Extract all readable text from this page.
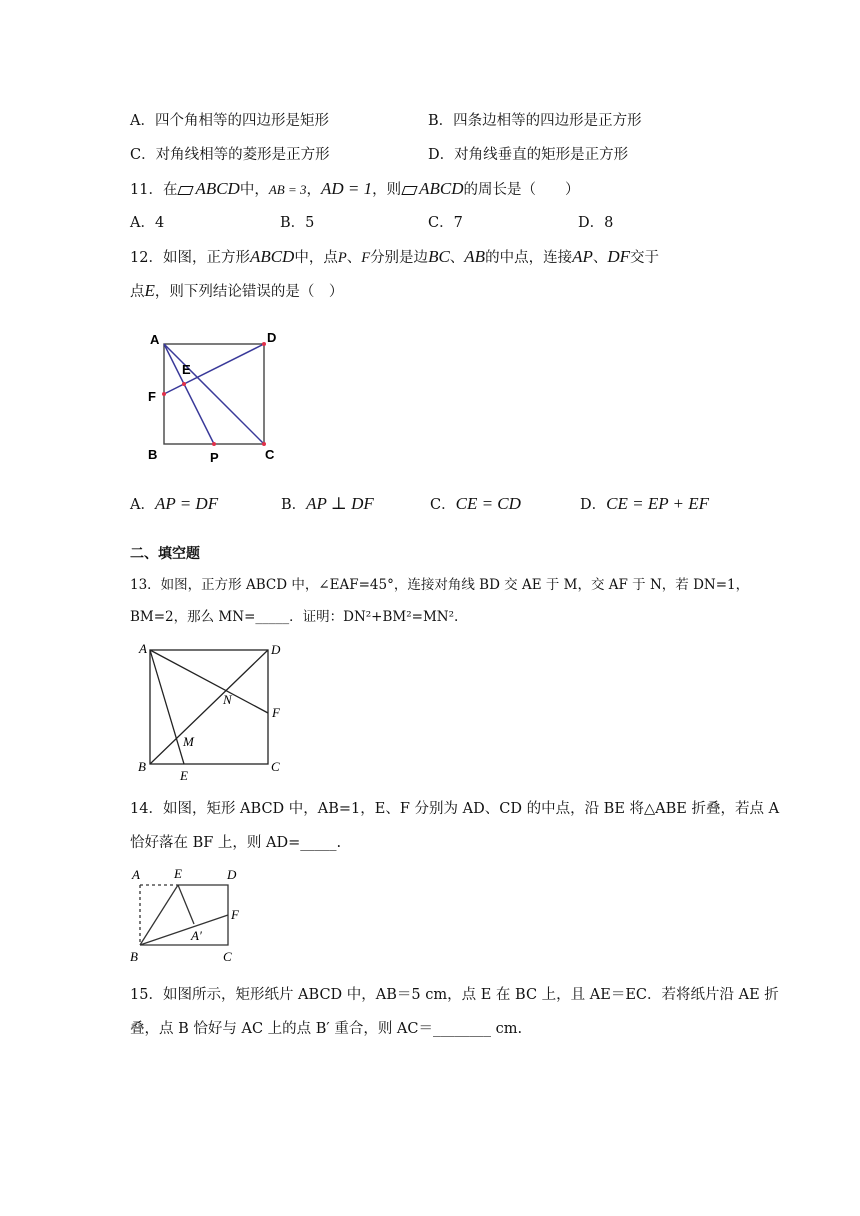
A．四个角相等的四边形是矩形	B．四条边相等的四边形是正方形
C．对角线相等的菱形是正方形	D．对角线垂直的矩形是正方形
11．在 ABCD中，AB = 3，AD = 1，则 ABCD的周长是（　　）
A．4	B．5	C．7	D．8
12．如图，正方形ABCD中，点P、F分别是边BC、AB的中点，连接AP、DF交于
点E，则下列结论错误的是（　）
A	D
E
F
B	P	C
A．AP = DF	B．AP ⊥ DF	C．CE = CD	D．CE = EP + EF
二、填空题
13．如图，正方形 ABCD 中，∠EAF=45°，连接对角线 BD 交 AE 于 M，交 AF 于 N，若 DN=1，
BM=2，那么 MN=_____．证明：DN²+BM²=MN².
A	D
N
F
M
B
E
C
14．如图，矩形 ABCD 中，AB=1，E、F 分别为 AD、CD 的中点，沿 BE 将△ABE 折叠，若点 A
恰好落在 BF 上，则 AD=_____.
A	E	D
F
A′
B	C
15．如图所示，矩形纸片 ABCD 中，AB＝5 cm，点 E 在 BC 上，且 AE＝EC．若将纸片沿 AE 折
叠，点 B 恰好与 AC 上的点 B′ 重合，则 AC＝________ cm.
